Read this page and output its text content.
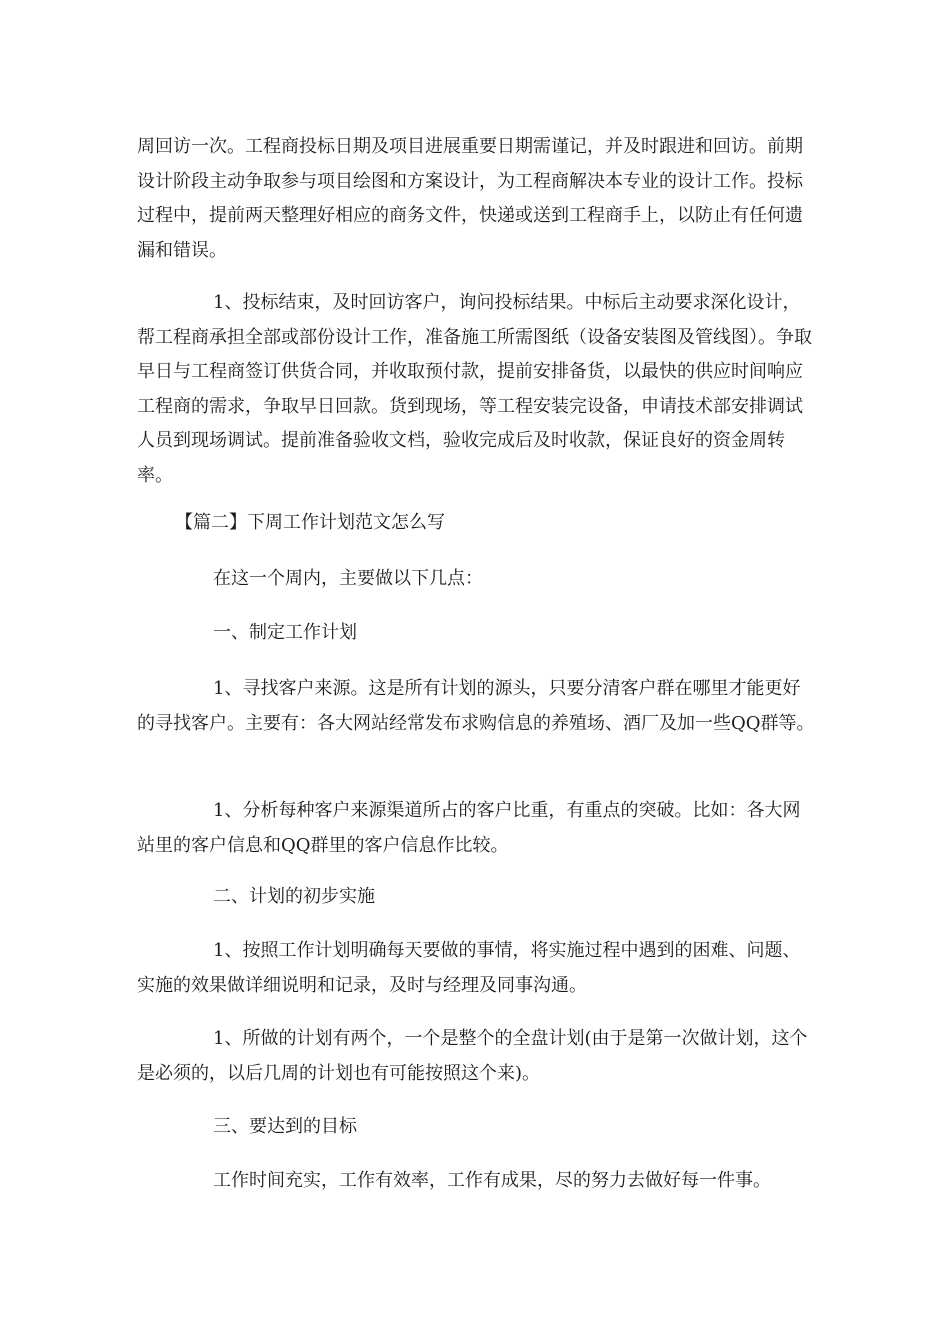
周回访一次。工程商投标日期及项目进展重要日期需谨记，并及时跟进和回访。前期设计阶段主动争取参与项目绘图和方案设计，为工程商解决本专业的设计工作。投标过程中，提前两天整理好相应的商务文件，快递或送到工程商手上，以防止有任何遗漏和错误。

1、投标结束，及时回访客户，询问投标结果。中标后主动要求深化设计，帮工程商承担全部或部份设计工作，准备施工所需图纸（设备安装图及管线图）。争取早日与工程商签订供货合同，并收取预付款，提前安排备货，以最快的供应时间响应工程商的需求，争取早日回款。货到现场，等工程安装完设备，申请技术部安排调试人员到现场调试。提前准备验收文档，验收完成后及时收款，保证良好的资金周转率。

【篇二】下周工作计划范文怎么写

在这一个周内，主要做以下几点：

一、制定工作计划

1、寻找客户来源。这是所有计划的源头，只要分清客户群在哪里才能更好的寻找客户。主要有：各大网站经常发布求购信息的养殖场、酒厂及加一些QQ群等。

1、分析每种客户来源渠道所占的客户比重，有重点的突破。比如：各大网站里的客户信息和QQ群里的客户信息作比较。

二、计划的初步实施

1、按照工作计划明确每天要做的事情，将实施过程中遇到的困难、问题、实施的效果做详细说明和记录，及时与经理及同事沟通。

1、所做的计划有两个，一个是整个的全盘计划(由于是第一次做计划，这个是必须的，以后几周的计划也有可能按照这个来)。

三、要达到的目标

工作时间充实，工作有效率，工作有成果，尽的努力去做好每一件事。
